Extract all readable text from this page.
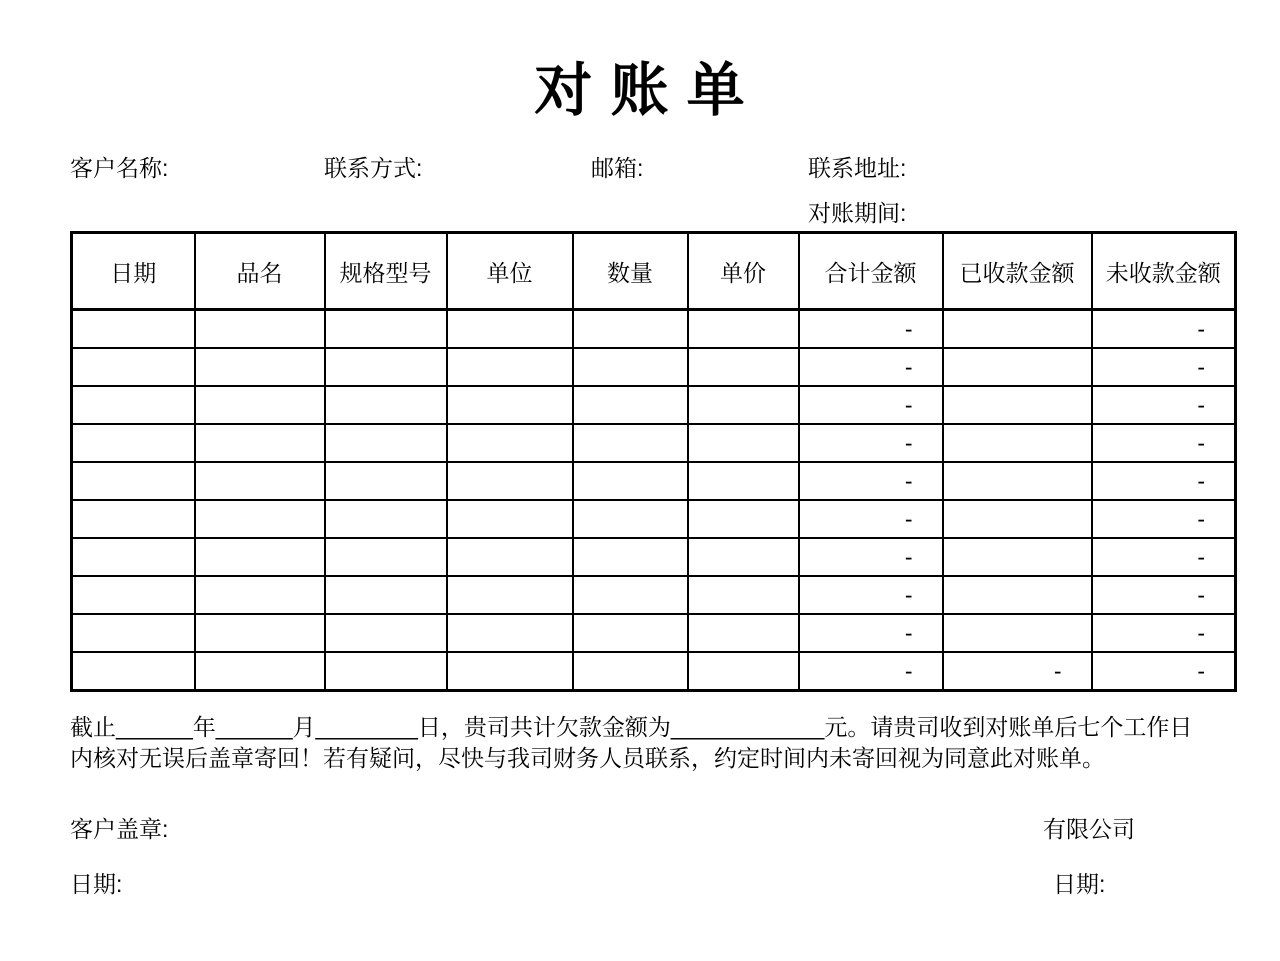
对 账 单
客户名称:	联系方式:	邮箱:	联系地址:
对账期间:
日期	品名	规格型号	单位	数量	单价	合计金额	已收款金额	未收款金额
						-		-
						-		-
						-		-
						-		-
						-		-
						-		-
						-		-
						-		-
						-		-
						-	-	-
截止______年______月________日，贵司共计欠款金额为____________元。请贵司收到对账单后七个工作日
内核对无误后盖章寄回！若有疑问，尽快与我司财务人员联系，约定时间内未寄回视为同意此对账单。
客户盖章:	有限公司
日期:	日期:
